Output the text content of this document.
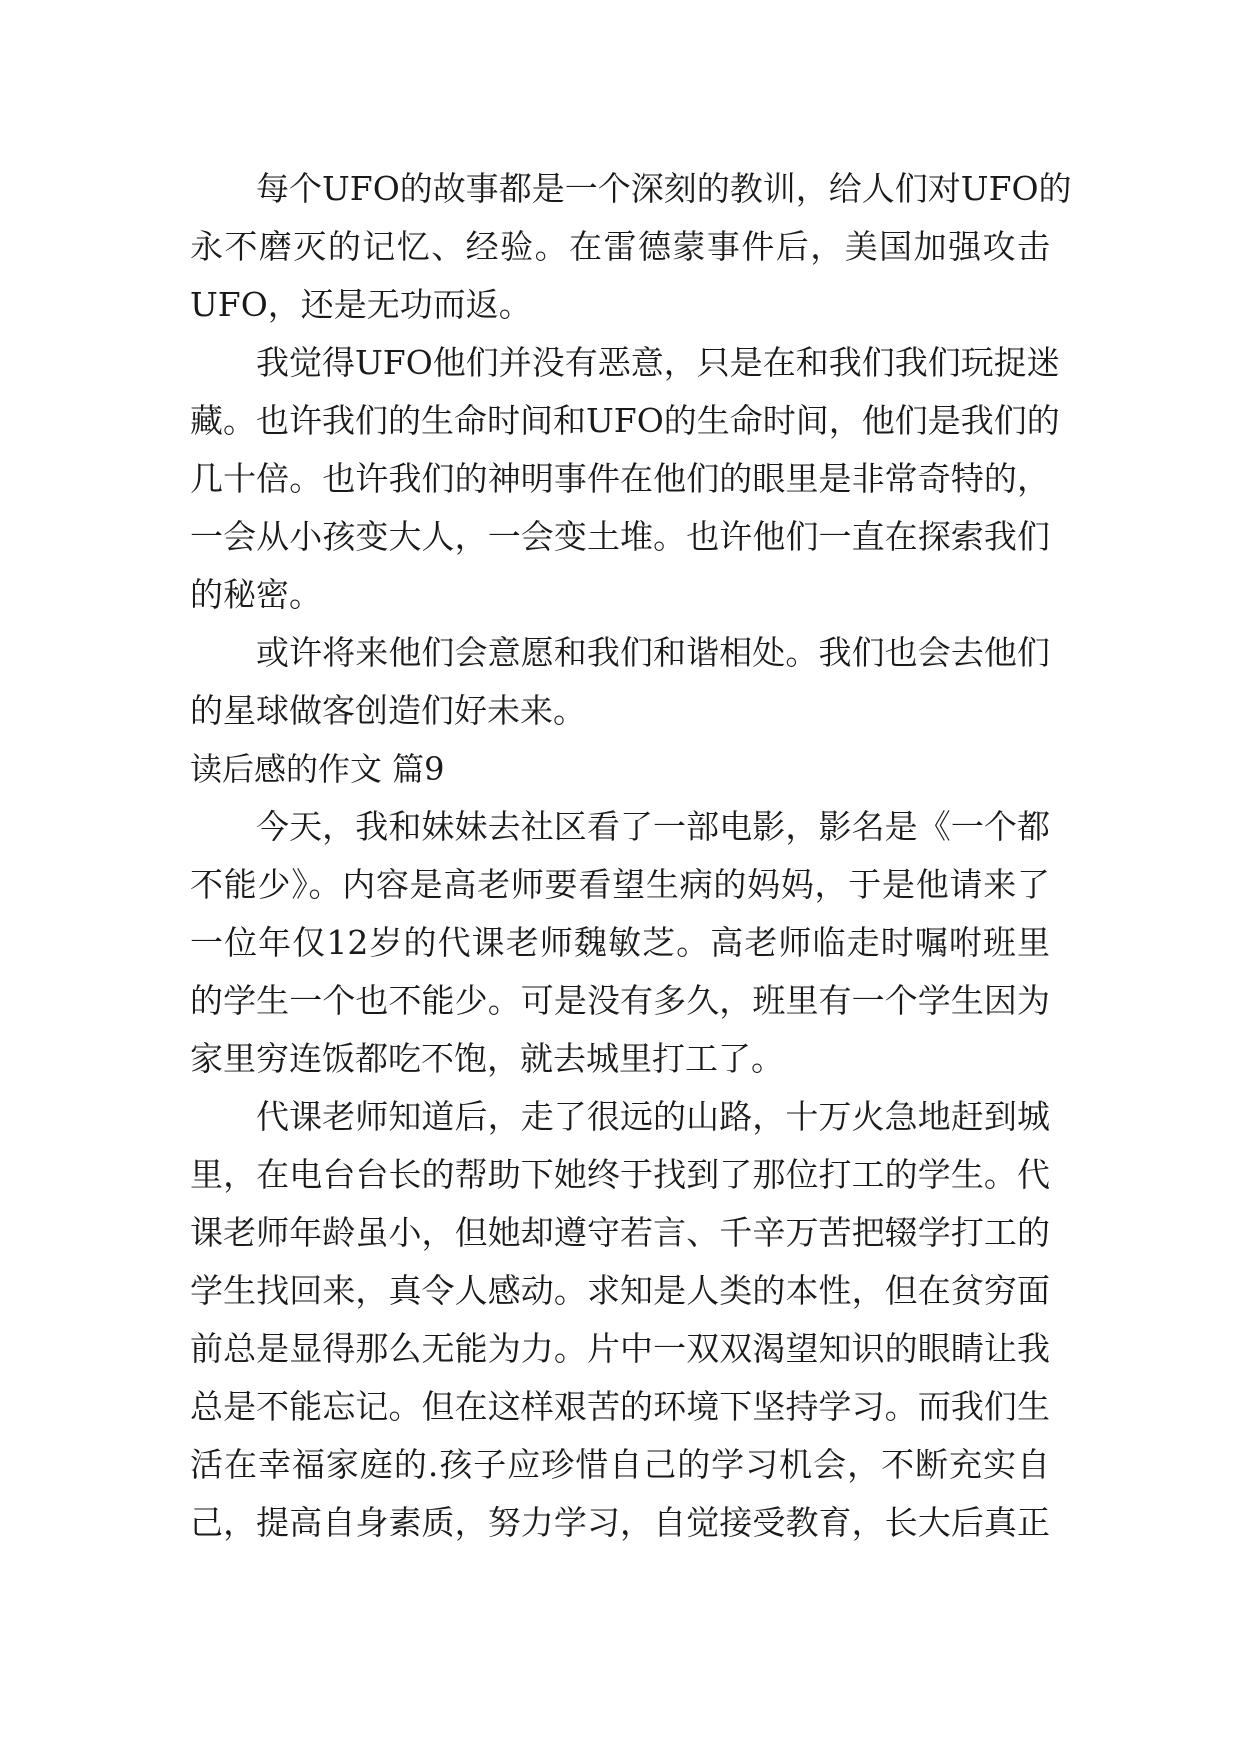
每个UFO的故事都是一个深刻的教训，给人们对UFO的
永不磨灭的记忆、经验。在雷德蒙事件后，美国加强攻击
UFO，还是无功而返。
我觉得UFO他们并没有恶意，只是在和我们我们玩捉迷
藏。也许我们的生命时间和UFO的生命时间，他们是我们的
几十倍。也许我们的神明事件在他们的眼里是非常奇特的，
一会从小孩变大人，一会变土堆。也许他们一直在探索我们
的秘密。
或许将来他们会意愿和我们和谐相处。我们也会去他们
的星球做客创造们好未来。
读后感的作文 篇9
今天，我和妹妹去社区看了一部电影，影名是《一个都
不能少》。内容是高老师要看望生病的妈妈，于是他请来了
一位年仅12岁的代课老师魏敏芝。高老师临走时嘱咐班里
的学生一个也不能少。可是没有多久，班里有一个学生因为
家里穷连饭都吃不饱，就去城里打工了。
代课老师知道后，走了很远的山路，十万火急地赶到城
里，在电台台长的帮助下她终于找到了那位打工的学生。代
课老师年龄虽小，但她却遵守若言、千辛万苦把辍学打工的
学生找回来，真令人感动。求知是人类的本性，但在贫穷面
前总是显得那么无能为力。片中一双双渴望知识的眼睛让我
总是不能忘记。但在这样艰苦的环境下坚持学习。而我们生
活在幸福家庭的.孩子应珍惜自己的学习机会，不断充实自
己，提高自身素质，努力学习，自觉接受教育，长大后真正
